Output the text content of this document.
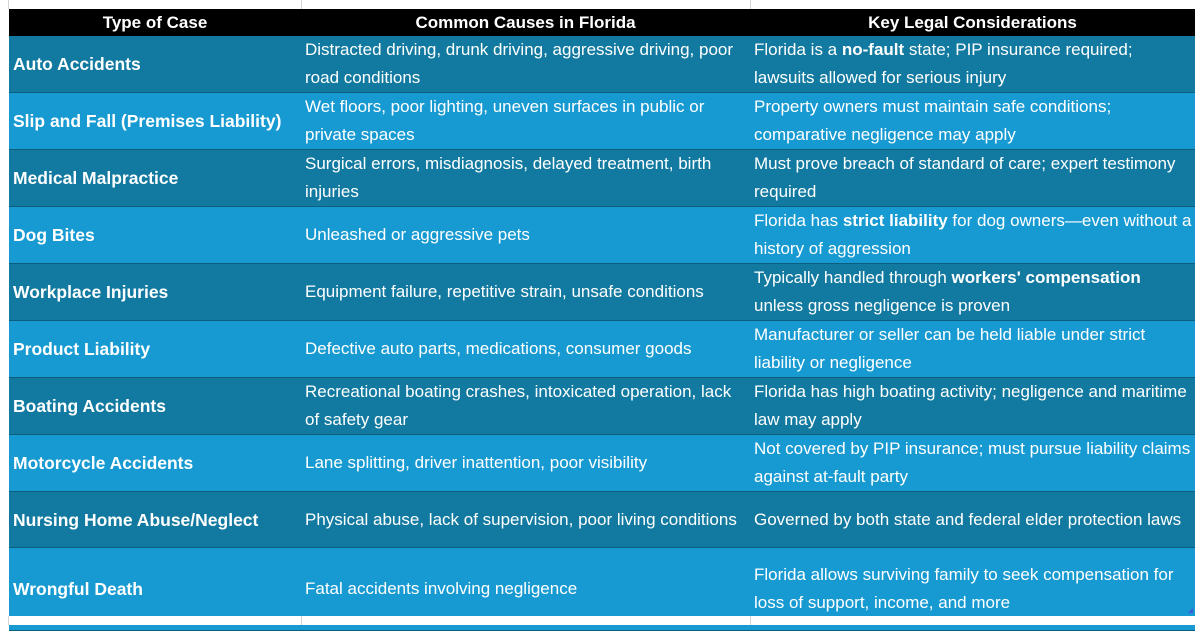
Type of Case	Common Causes in Florida	Key Legal Considerations
Auto Accidents	Distracted driving, drunk driving, aggressive driving, poor road conditions	Florida is a no-fault state; PIP insurance required; lawsuits allowed for serious injury
Slip and Fall (Premises Liability)	Wet floors, poor lighting, uneven surfaces in public or private spaces	Property owners must maintain safe conditions; comparative negligence may apply
Medical Malpractice	Surgical errors, misdiagnosis, delayed treatment, birth injuries	Must prove breach of standard of care; expert testimony required
Dog Bites	Unleashed or aggressive pets	Florida has strict liability for dog owners—even without a history of aggression
Workplace Injuries	Equipment failure, repetitive strain, unsafe conditions	Typically handled through workers' compensation unless gross negligence is proven
Product Liability	Defective auto parts, medications, consumer goods	Manufacturer or seller can be held liable under strict liability or negligence
Boating Accidents	Recreational boating crashes, intoxicated operation, lack of safety gear	Florida has high boating activity; negligence and maritime law may apply
Motorcycle Accidents	Lane splitting, driver inattention, poor visibility	Not covered by PIP insurance; must pursue liability claims against at-fault party
Nursing Home Abuse/Neglect	Physical abuse, lack of supervision, poor living conditions	Governed by both state and federal elder protection laws
Wrongful Death	Fatal accidents involving negligence	Florida allows surviving family to seek compensation for loss of support, income, and more
